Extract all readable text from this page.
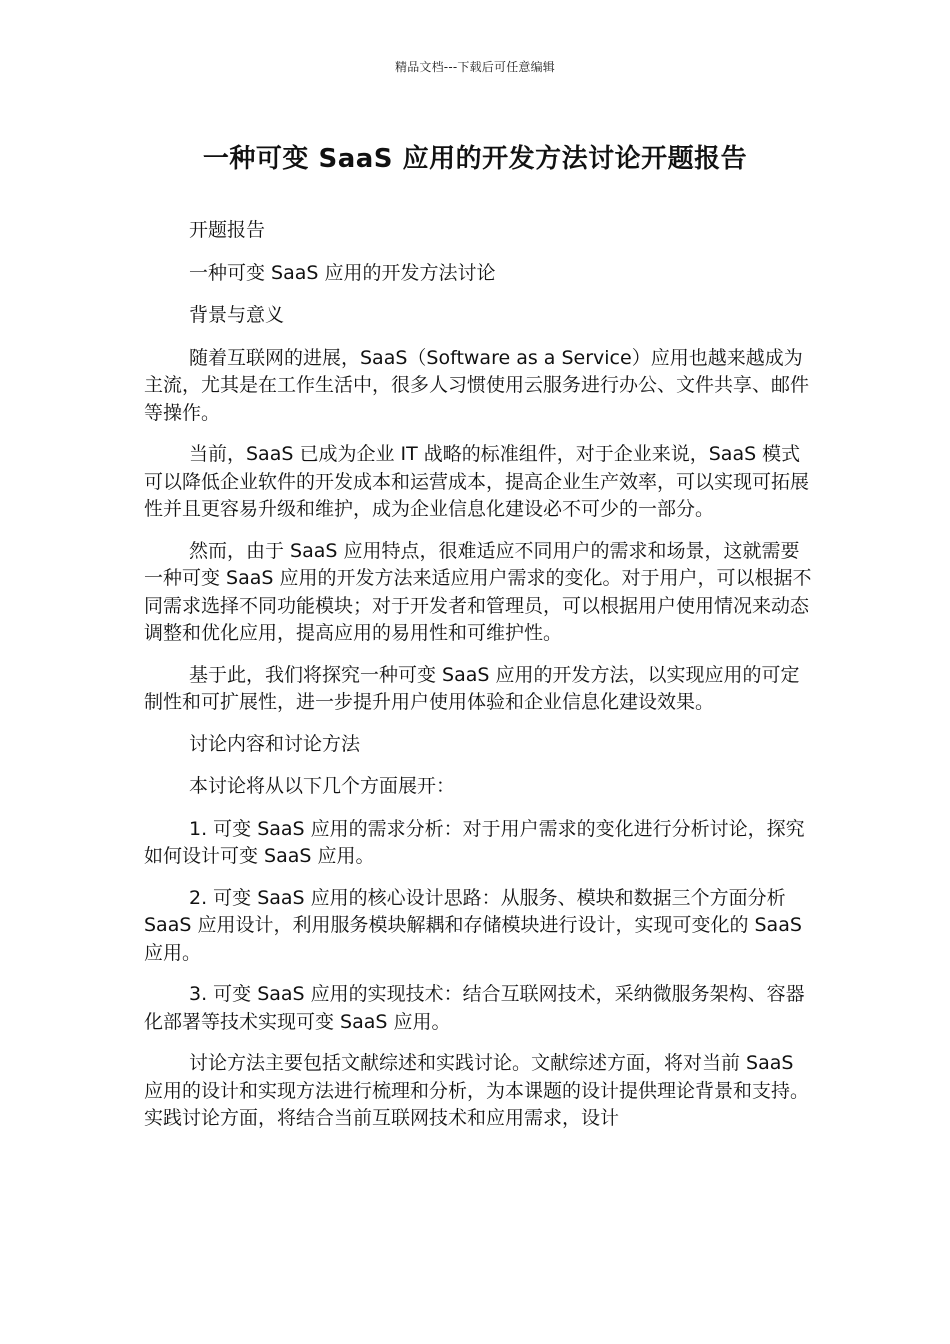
精品文档---下载后可任意编辑
一种可变 SaaS 应用的开发方法讨论开题报告

开题报告

一种可变 SaaS 应用的开发方法讨论

背景与意义

随着互联网的进展，SaaS（Software as a Service）应用也越来越成为主流，尤其是在工作生活中，很多人习惯使用云服务进行办公、文件共享、邮件等操作。

当前，SaaS 已成为企业 IT 战略的标准组件，对于企业来说，SaaS 模式可以降低企业软件的开发成本和运营成本，提高企业生产效率，可以实现可拓展性并且更容易升级和维护，成为企业信息化建设必不可少的一部分。

然而，由于 SaaS 应用特点，很难适应不同用户的需求和场景，这就需要一种可变 SaaS 应用的开发方法来适应用户需求的变化。对于用户，可以根据不同需求选择不同功能模块；对于开发者和管理员，可以根据用户使用情况来动态调整和优化应用，提高应用的易用性和可维护性。

基于此，我们将探究一种可变 SaaS 应用的开发方法，以实现应用的可定制性和可扩展性，进一步提升用户使用体验和企业信息化建设效果。

讨论内容和讨论方法

本讨论将从以下几个方面展开：

1. 可变 SaaS 应用的需求分析：对于用户需求的变化进行分析讨论，探究如何设计可变 SaaS 应用。

2. 可变 SaaS 应用的核心设计思路：从服务、模块和数据三个方面分析 SaaS 应用设计，利用服务模块解耦和存储模块进行设计，实现可变化的 SaaS 应用。

3. 可变 SaaS 应用的实现技术：结合互联网技术，采纳微服务架构、容器化部署等技术实现可变 SaaS 应用。

讨论方法主要包括文献综述和实践讨论。文献综述方面，将对当前 SaaS 应用的设计和实现方法进行梳理和分析，为本课题的设计提供理论背景和支持。实践讨论方面，将结合当前互联网技术和应用需求，设计
